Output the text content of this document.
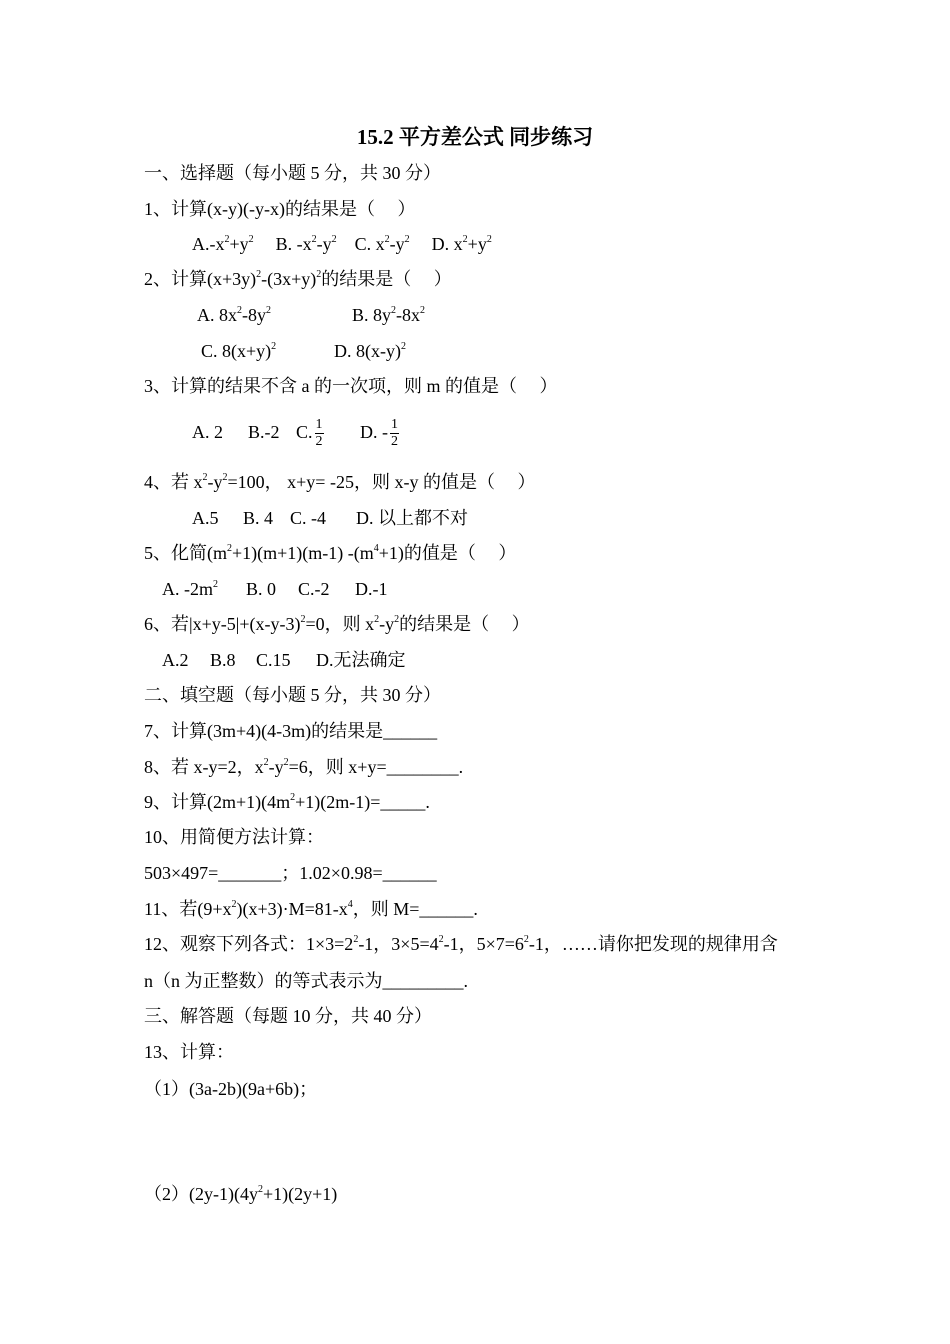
15.2 平方差公式 同步练习
一、选择题（每小题 5 分，共 30 分）
1、计算(x-y)(-y-x)的结果是（　 ）
$A.-x^2+y^2$ B. $-x^2-y^2$ C. $x^2-y^2$ D. $x^2+y^2$
2、计算$(x+3y)^2-(3x+y)^2$的结果是（　 ）
A. $8x^2-8y^2$	B. $8y^2-8x^2$
C. $8(x+y)^2$	D. $8(x-y)^2$
3、计算的结果不含 a 的一次项，则 m 的值是（　 ）
A. 2 B.-2 C. $\frac{1}{2} D$. - $\frac{1}{2}$
4、若 $x^2-y^2=100$， x+y= -25，则 x-y 的值是（　 ）
A.5 B. 4 C. -4 D. 以上都不对
5、化简$(m^2+1)(m+1)(m-1)$ $-(m^4+1)$的值是（　 ）
A. $-2m^2$ B. 0 C.-2 D.-1
6、若$|x+y-5|+(x-y-3)^2=0$，则 $x^2-y^2$的结果是（　 ）
A.2 B.8 C.15 D.无法确定
二、填空题（每小题 5 分，共 30 分）
7、计算(3m+4)(4-3m)的结果是______
8、若 x-y=2，$x^2-y^2=6$，则 x+y=________.
9、计算$(2m+1)(4m^2+1)(2m-1)=\_\_\_\_\_$.
10、用简便方法计算：
503×497=_______；1.02×0.98=______
11、若$(9+x^2)(x+3)\cdot M=81-x^4$，则 M=______.
12、观察下列各式：$1\times 3=2^2-1$，$3\times 5=4^2-1$，$5\times 7=6^2-1$，……请你把发现的规律用含
n（n 为正整数）的等式表示为_________.
三、解答题（每题 10 分，共 40 分）
13、计算：
（1）(3a-2b)(9a+6b)；
$(2)(2y-1)(4y^2+1)(2y+1)$
